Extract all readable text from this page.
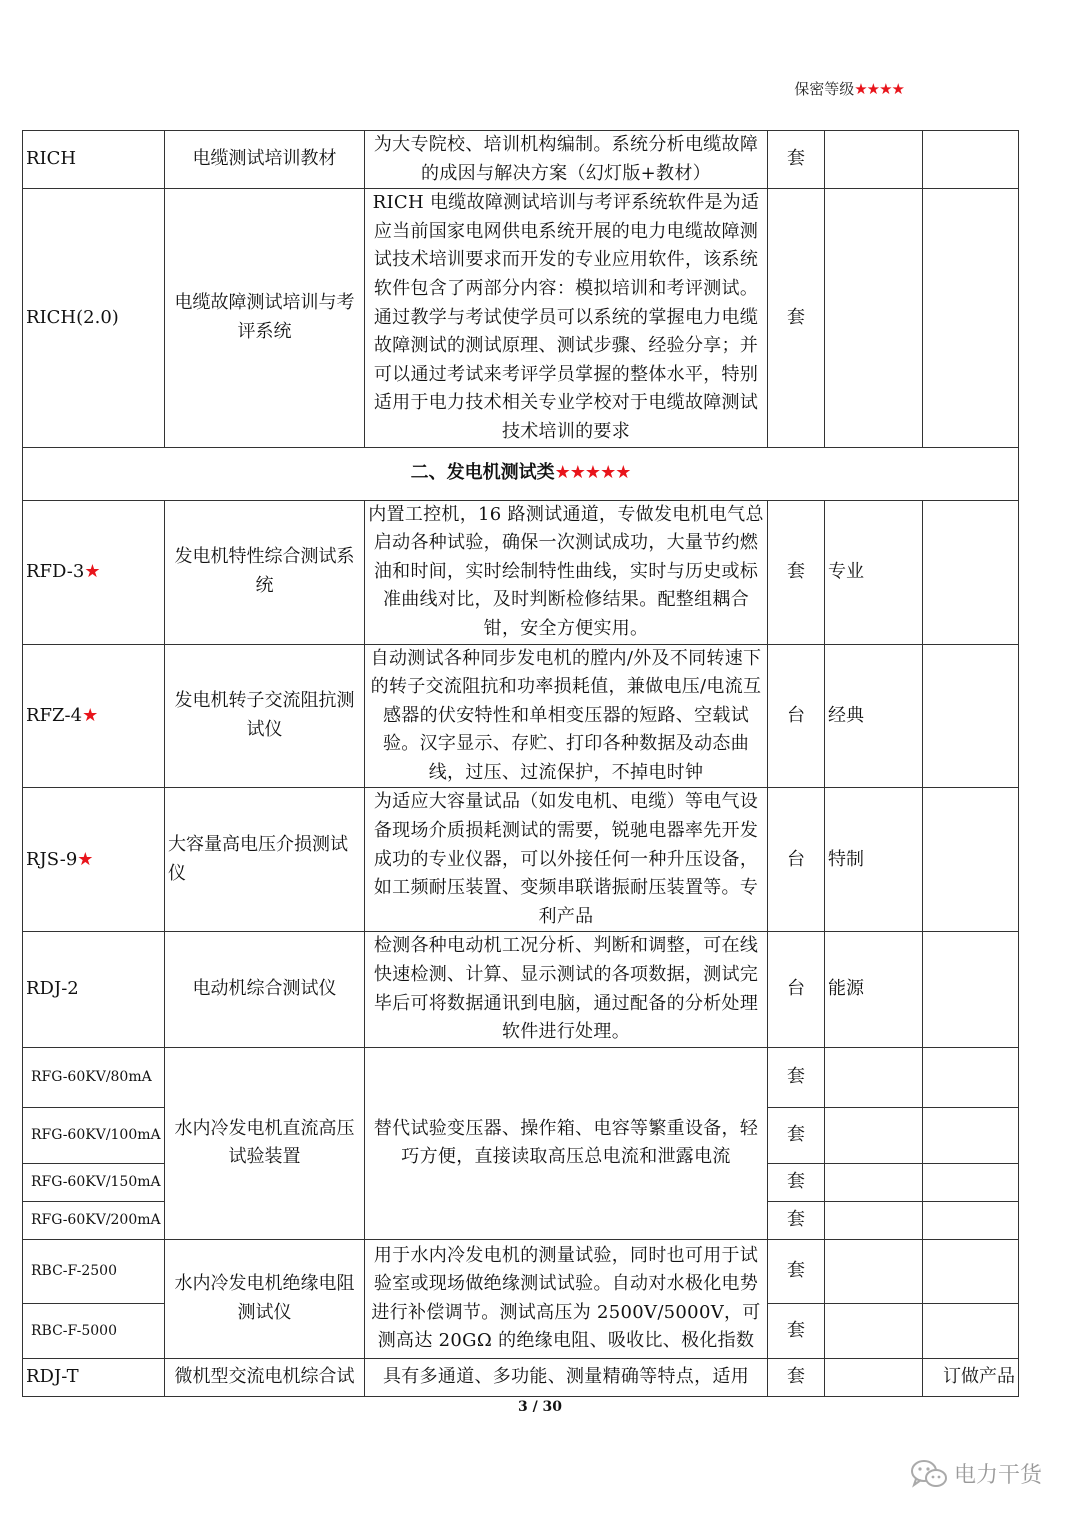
保密等级★★★★
RICH	电缆测试培训教材	为大专院校、培训机构编制。系统分析电缆故障的成因与解决方案（幻灯版+教材）	套		
RICH(2.0)	电缆故障测试培训与考评系统	RICH 电缆故障测试培训与考评系统软件是为适应当前国家电网供电系统开展的电力电缆故障测试技术培训要求而开发的专业应用软件，该系统软件包含了两部分内容：模拟培训和考评测试。通过教学与考试使学员可以系统的掌握电力电缆故障测试的测试原理、测试步骤、经验分享；并可以通过考试来考评学员掌握的整体水平，特别适用于电力技术相关专业学校对于电缆故障测试技术培训的要求	套		
二、发电机测试类★★★★★					
RFD-3★	发电机特性综合测试系统	内置工控机，16 路测试通道，专做发电机电气总启动各种试验，确保一次测试成功，大量节约燃油和时间，实时绘制特性曲线，实时与历史或标准曲线对比，及时判断检修结果。配整组耦合钳，安全方便实用。	套	专业	
RFZ-4★	发电机转子交流阻抗测试仪	自动测试各种同步发电机的膛内/外及不同转速下的转子交流阻抗和功率损耗值，兼做电压/电流互感器的伏安特性和单相变压器的短路、空载试验。汉字显示、存贮、打印各种数据及动态曲线，过压、过流保护，不掉电时钟	台	经典	
RJS-9★	大容量高电压介损测试仪	为适应大容量试品（如发电机、电缆）等电气设备现场介质损耗测试的需要，锐驰电器率先开发成功的专业仪器，可以外接任何一种升压设备，如工频耐压装置、变频串联谐振耐压装置等。专利产品	台	特制	
RDJ-2	电动机综合测试仪	检测各种电动机工况分析、判断和调整，可在线快速检测、计算、显示测试的各项数据，测试完毕后可将数据通讯到电脑，通过配备的分析处理软件进行处理。	台	能源	
RFG-60KV/80mA	水内冷发电机直流高压试验装置	替代试验变压器、操作箱、电容等繁重设备，轻巧方便，直接读取高压总电流和泄露电流	套		
RFG-60KV/100mA			套		
RFG-60KV/150mA			套		
RFG-60KV/200mA			套		
RBC-F-2500	水内冷发电机绝缘电阻测试仪	用于水内冷发电机的测量试验，同时也可用于试验室或现场做绝缘测试试验。自动对水极化电势进行补偿调节。测试高压为 2500V/5000V，可测高达 20GΩ 的绝缘电阻、吸收比、极化指数	套		
RBC-F-5000			套		
RDJ-T	微机型交流电机综合试	具有多通道、多功能、测量精确等特点，适用	套		订做产品
3 / 30
电力干货
